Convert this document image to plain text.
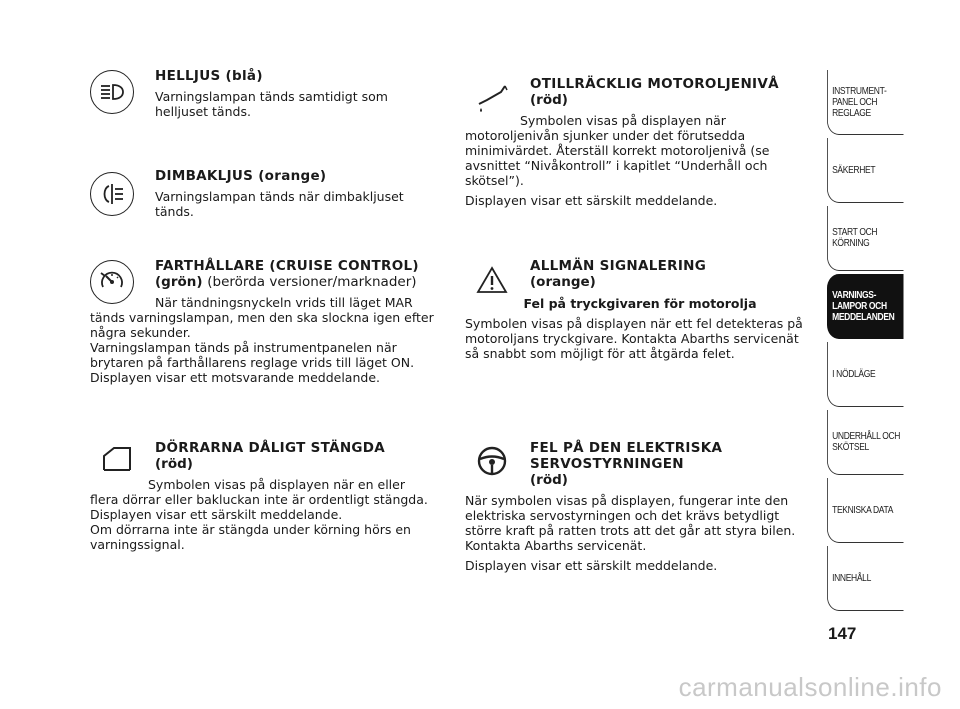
HELLJUS (blå)

Varningslampan tänds samtidigt som helljuset tänds.

DIMBAKLJUS (orange)

Varningslampan tänds när dimbakljuset tänds.

FARTHÅLLARE (CRUISE CONTROL)
(grön) (berörda versioner/marknader)

När tändningsnyckeln vrids till läget MAR tänds varningslampan, men den ska slockna igen efter några sekunder.

Varningslampan tänds på instrumentpanelen när brytaren på farthållarens reglage vrids till läget ON.

Displayen visar ett motsvarande meddelande.

DÖRRARNA DÅLIGT STÄNGDA
(röd)

Symbolen visas på displayen när en eller flera dörrar eller bakluckan inte är ordentligt stängda.

Displayen visar ett särskilt meddelande.

Om dörrarna inte är stängda under körning hörs en varningssignal.

OTILLRÄCKLIG MOTOROLJENIVÅ
(röd)

Symbolen visas på displayen när motoroljenivån sjunker under det förutsedda minimivärdet. Återställ korrekt motoroljenivå (se avsnittet “Nivåkontroll” i kapitlet “Underhåll och skötsel”).

Displayen visar ett särskilt meddelande.

ALLMÄN SIGNALERING
(orange)

Fel på tryckgivaren för motorolja

Symbolen visas på displayen när ett fel detekteras på motoroljans tryckgivare. Kontakta Abarths servicenät så snabbt som möjligt för att åtgärda felet.

FEL PÅ DEN ELEKTRISKA SERVOSTYRNINGEN
(röd)

När symbolen visas på displayen, fungerar inte den elektriska servostyrningen och det krävs betydligt större kraft på ratten trots att det går att styra bilen. Kontakta Abarths servicenät.

Displayen visar ett särskilt meddelande.

INSTRUMENT-PANEL OCH REGLAGE
SÄKERHET
START OCH KÖRNING
VARNINGS-LAMPOR OCH MEDDELANDEN
I NÖDLÄGE
UNDERHÅLL OCH SKÖTSEL
TEKNISKA DATA
INNEHÅLL
147
carmanualsonline.info
